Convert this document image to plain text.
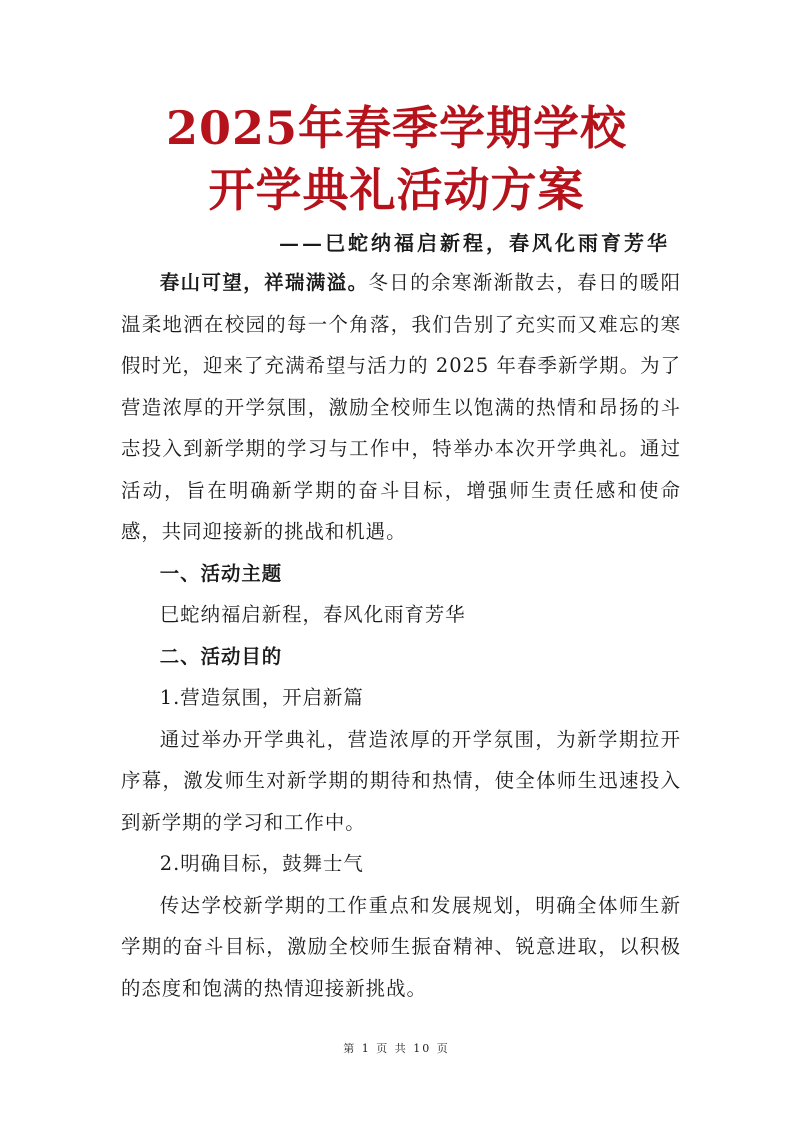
2025年春季学期学校
开学典礼活动方案
——巳蛇纳福启新程，春风化雨育芳华

春山可望，祥瑞满溢。冬日的余寒渐渐散去，春日的暖阳温柔地洒在校园的每一个角落，我们告别了充实而又难忘的寒假时光，迎来了充满希望与活力的 2025 年春季新学期。为了营造浓厚的开学氛围，激励全校师生以饱满的热情和昂扬的斗志投入到新学期的学习与工作中，特举办本次开学典礼。通过活动，旨在明确新学期的奋斗目标，增强师生责任感和使命感，共同迎接新的挑战和机遇。

一、活动主题

巳蛇纳福启新程，春风化雨育芳华

二、活动目的

1.营造氛围，开启新篇

通过举办开学典礼，营造浓厚的开学氛围，为新学期拉开序幕，激发师生对新学期的期待和热情，使全体师生迅速投入到新学期的学习和工作中。

2.明确目标，鼓舞士气

传达学校新学期的工作重点和发展规划，明确全体师生新学期的奋斗目标，激励全校师生振奋精神、锐意进取，以积极的态度和饱满的热情迎接新挑战。

第 1 页 共 10 页
